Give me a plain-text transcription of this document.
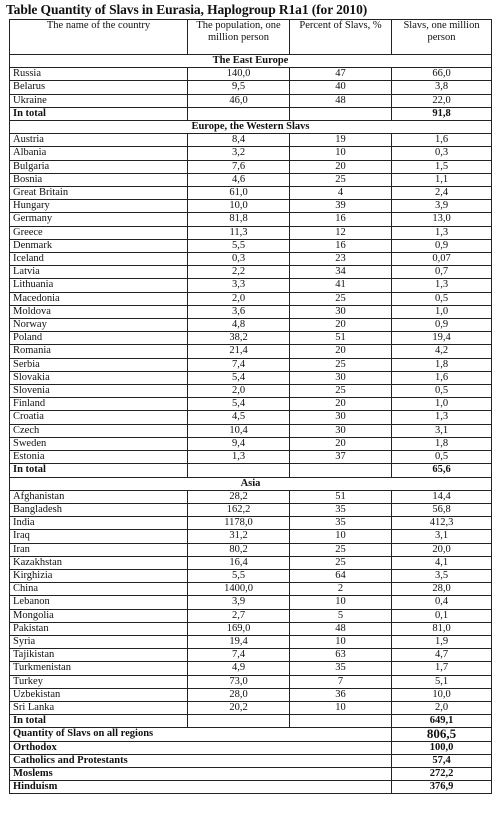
Table Quantity of Slavs in Eurasia, Haplogroup R1a1 (for 2010)
The name of the country	The population, one million person	Percent of Slavs, %	Slavs, one million person
The East Europe			
Russia	140,0	47	66,0
Belarus	9,5	40	3,8
Ukraine	46,0	48	22,0
In total			91,8
Europe, the Western Slavs			
Austria	8,4	19	1,6
Albania	3,2	10	0,3
Bulgaria	7,6	20	1,5
Bosnia	4,6	25	1,1
Great Britain	61,0	4	2,4
Hungary	10,0	39	3,9
Germany	81,8	16	13,0
Greece	11,3	12	1,3
Denmark	5,5	16	0,9
Iceland	0,3	23	0,07
Latvia	2,2	34	0,7
Lithuania	3,3	41	1,3
Macedonia	2,0	25	0,5
Moldova	3,6	30	1,0
Norway	4,8	20	0,9
Poland	38,2	51	19,4
Romania	21,4	20	4,2
Serbia	7,4	25	1,8
Slovakia	5,4	30	1,6
Slovenia	2,0	25	0,5
Finland	5,4	20	1,0
Croatia	4,5	30	1,3
Czech	10,4	30	3,1
Sweden	9,4	20	1,8
Estonia	1,3	37	0,5
In total			65,6
Asia			
Afghanistan	28,2	51	14,4
Bangladesh	162,2	35	56,8
India	1178,0	35	412,3
Iraq	31,2	10	3,1
Iran	80,2	25	20,0
Kazakhstan	16,4	25	4,1
Kirghizia	5,5	64	3,5
China	1400,0	2	28,0
Lebanon	3,9	10	0,4
Mongolia	2,7	5	0,1
Pakistan	169,0	48	81,0
Syria	19,4	10	1,9
Tajikistan	7,4	63	4,7
Turkmenistan	4,9	35	1,7
Turkey	73,0	7	5,1
Uzbekistan	28,0	36	10,0
Sri Lanka	20,2	10	2,0
In total			649,1
Quantity of Slavs on all regions			806,5
Orthodox			100,0
Catholics and Protestants			57,4
Moslems			272,2
Hinduism			376,9
